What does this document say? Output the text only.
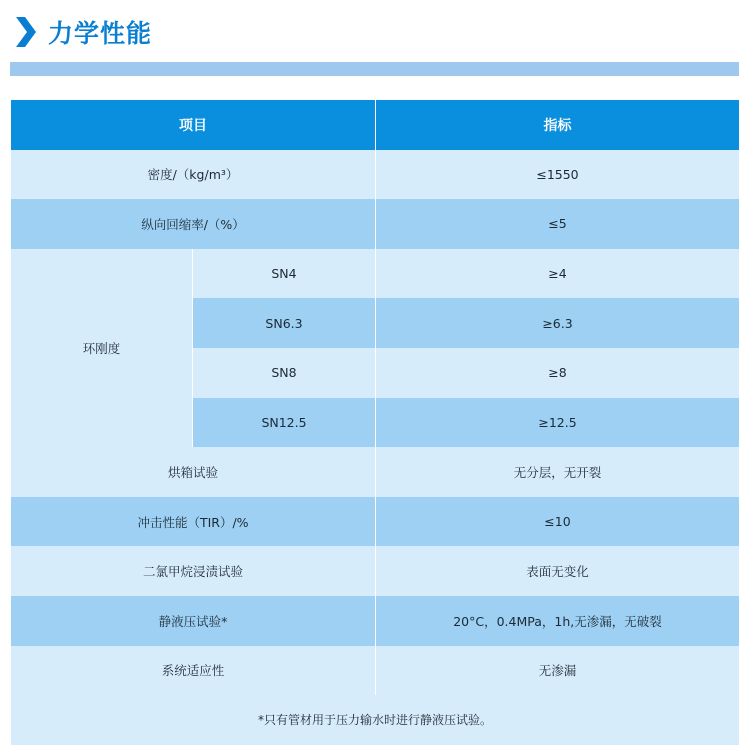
力学性能
项目		指标
密度/（kg/m³）		≤1550
纵向回缩率/（%）		≤5
环刚度	SN4	≥4
	SN6.3	≥6.3
	SN8	≥8
	SN12.5	≥12.5
烘箱试验		无分层，无开裂
冲击性能（TIR）/%		≤10
二氯甲烷浸渍试验		表面无变化
静液压试验*		20°C，0.4MPa，1h,无渗漏，无破裂
系统适应性		无渗漏
*只有管材用于压力输水时进行静液压试验。		
